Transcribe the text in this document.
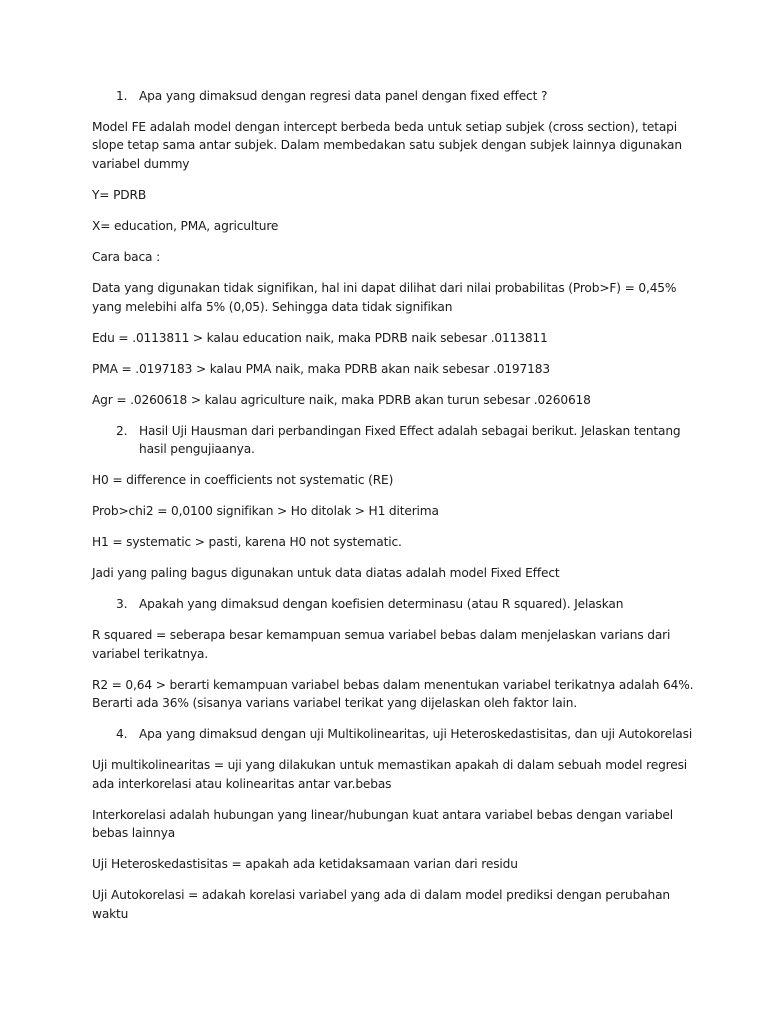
1. Apa yang dimaksud dengan regresi data panel dengan fixed effect ?

Model FE adalah model dengan intercept berbeda beda untuk setiap subjek (cross section), tetapi

slope tetap sama antar subjek. Dalam membedakan satu subjek dengan subjek lainnya digunakan

variabel dummy

Y= PDRB

X= education, PMA, agriculture

Cara baca :

Data yang digunakan tidak signifikan, hal ini dapat dilihat dari nilai probabilitas (Prob>F) = 0,45%

yang melebihi alfa 5% (0,05). Sehingga data tidak signifikan

Edu = .0113811 > kalau education naik, maka PDRB naik sebesar .0113811

PMA = .0197183 > kalau PMA naik, maka PDRB akan naik sebesar .0197183

Agr = .0260618 > kalau agriculture naik, maka PDRB akan turun sebesar .0260618

2. Hasil Uji Hausman dari perbandingan Fixed Effect adalah sebagai berikut. Jelaskan tentang

hasil pengujiaanya.

H0 = difference in coefficients not systematic (RE)

Prob>chi2 = 0,0100 signifikan > Ho ditolak > H1 diterima

H1 = systematic > pasti, karena H0 not systematic.

Jadi yang paling bagus digunakan untuk data diatas adalah model Fixed Effect

3. Apakah yang dimaksud dengan koefisien determinasu (atau R squared). Jelaskan

R squared = seberapa besar kemampuan semua variabel bebas dalam menjelaskan varians dari

variabel terikatnya.

R2 = 0,64 > berarti kemampuan variabel bebas dalam menentukan variabel terikatnya adalah 64%.

Berarti ada 36% (sisanya varians variabel terikat yang dijelaskan oleh faktor lain.

4. Apa yang dimaksud dengan uji Multikolinearitas, uji Heteroskedastisitas, dan uji Autokorelasi

Uji multikolinearitas = uji yang dilakukan untuk memastikan apakah di dalam sebuah model regresi

ada interkorelasi atau kolinearitas antar var.bebas

Interkorelasi adalah hubungan yang linear/hubungan kuat antara variabel bebas dengan variabel

bebas lainnya

Uji Heteroskedastisitas = apakah ada ketidaksamaan varian dari residu

Uji Autokorelasi = adakah korelasi variabel yang ada di dalam model prediksi dengan perubahan

waktu
